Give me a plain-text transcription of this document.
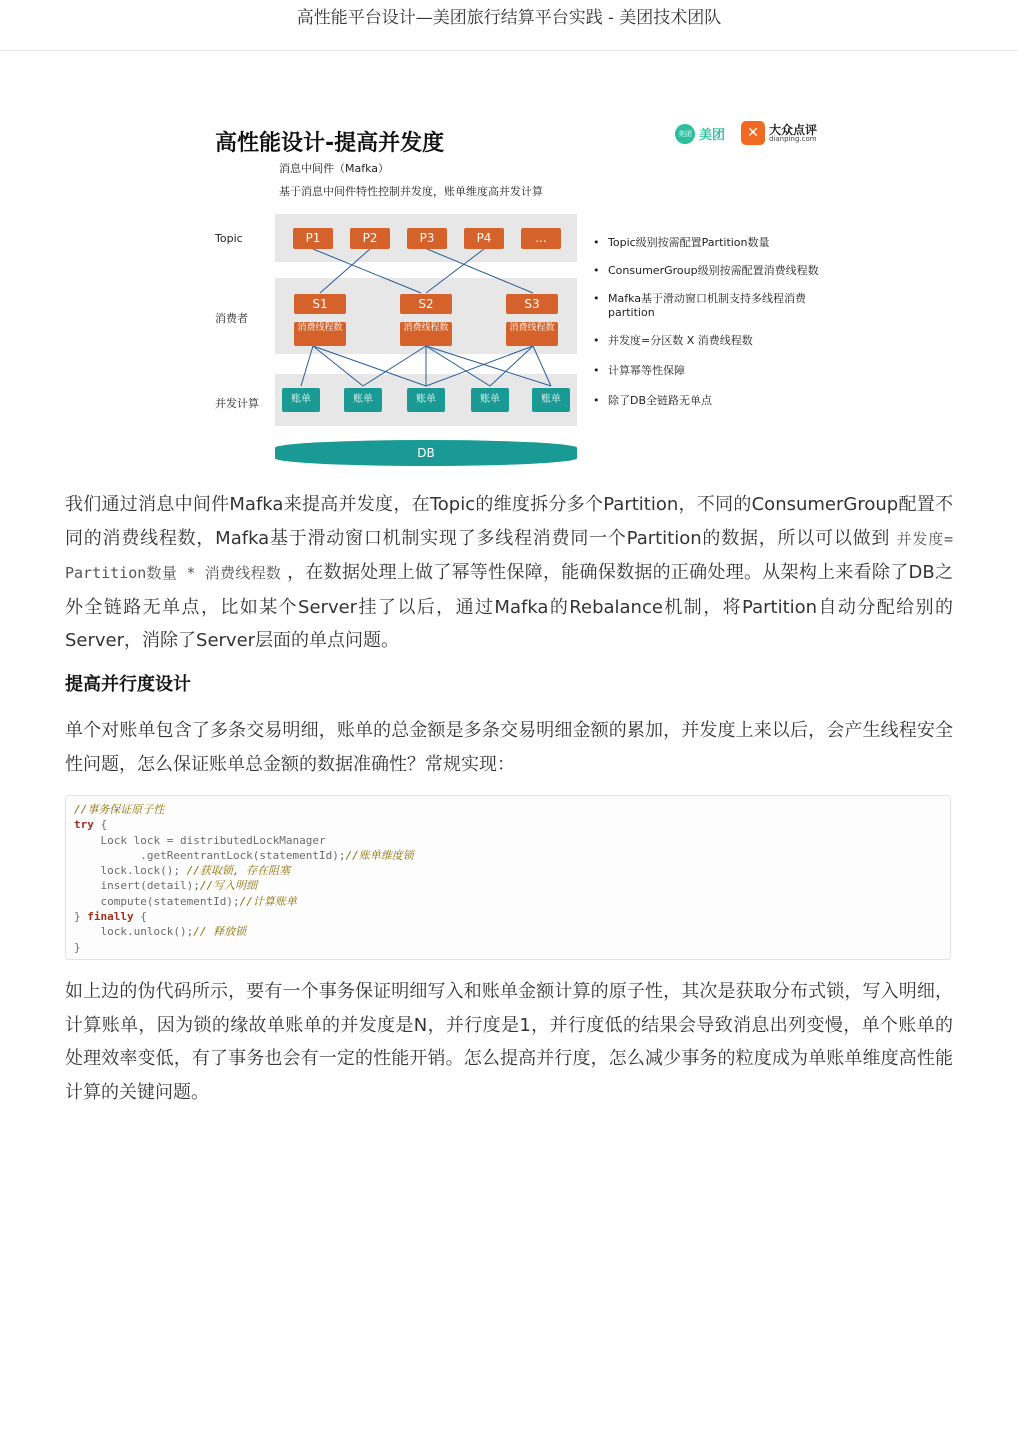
高性能平台设计—美团旅行结算平台实践 - 美团技术团队
高性能设计-提高并发度
消息中间件（Mafka）
基于消息中间件特性控制并发度，账单维度高并发计算
美团 美团	✕ 大众点评
dianping.com
Topic
消费者
并发计算
P1	P2	P3	P4	...
S1	S2	S3
消费线程数	消费线程数	消费线程数
账单	账单	账单	账单	账单
DB
• Topic级别按需配置Partition数量
• ConsumerGroup级别按需配置消费线程数
• Mafka基于滑动窗口机制支持多线程消费partition
• 并发度=分区数 X 消费线程数
• 计算幂等性保障
• 除了DB全链路无单点

我们通过消息中间件Mafka来提高并发度，在Topic的维度拆分多个Partition，不同的ConsumerGroup配置不同的消费线程数，Mafka基于滑动窗口机制实现了多线程消费同一个Partition的数据，所以可以做到 并发度= Partition数量 * 消费线程数 ，在数据处理上做了幂等性保障，能确保数据的正确处理。从架构上来看除了DB之外全链路无单点，比如某个Server挂了以后，通过Mafka的Rebalance机制，将Partition自动分配给别的Server，消除了Server层面的单点问题。

提高并行度设计

单个对账单包含了多条交易明细，账单的总金额是多条交易明细金额的累加，并发度上来以后，会产生线程安全性问题，怎么保证账单总金额的数据准确性？常规实现：

//事务保证原子性
try {
Lock lock = distributedLockManager
.getReentrantLock(statementId);//账单维度锁
lock.lock(); //获取锁, 存在阻塞
insert(detail);//写入明细
compute(statementId);//计算账单
} finally {
lock.unlock();// 释放锁
}

如上边的伪代码所示，要有一个事务保证明细写入和账单金额计算的原子性，其次是获取分布式锁，写入明细，计算账单，因为锁的缘故单账单的并发度是N，并行度是1，并行度低的结果会导致消息出列变慢，单个账单的处理效率变低，有了事务也会有一定的性能开销。怎么提高并行度，怎么减少事务的粒度成为单账单维度高性能计算的关键问题。
